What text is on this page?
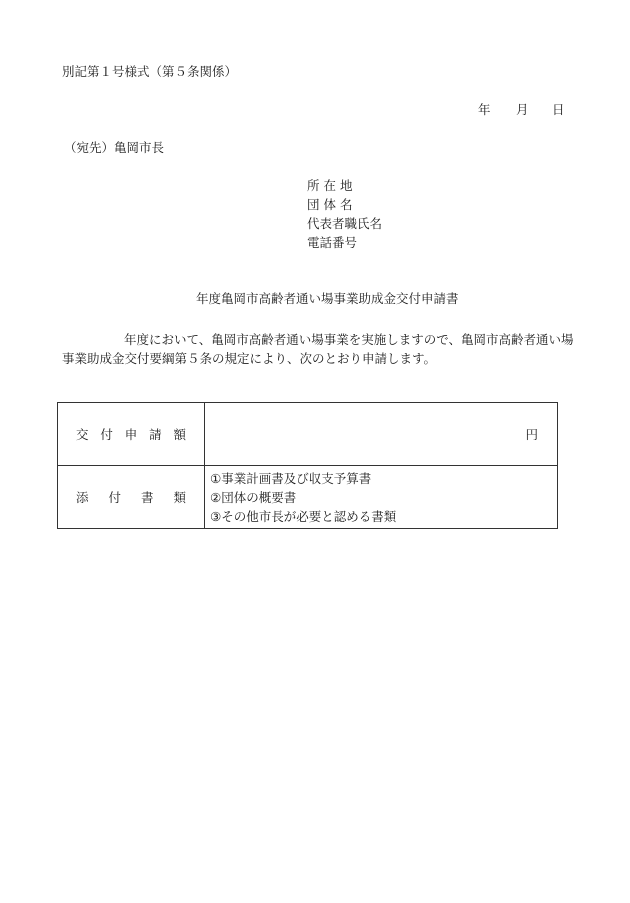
別記第１号様式（第５条関係）
年 月 日
（宛先）亀岡市長
所 在 地
団 体 名
代表者職氏名
電話番号
年度亀岡市高齢者通い場事業助成金交付申請書
年度において、亀岡市高齢者通い場事業を実施しますので、亀岡市高齢者通い場事業助成金交付要綱第５条の規定により、次のとおり申請します。
交付申請額	円
添付書類	①事業計画書及び収支予算書
②団体の概要書
③その他市長が必要と認める書類
